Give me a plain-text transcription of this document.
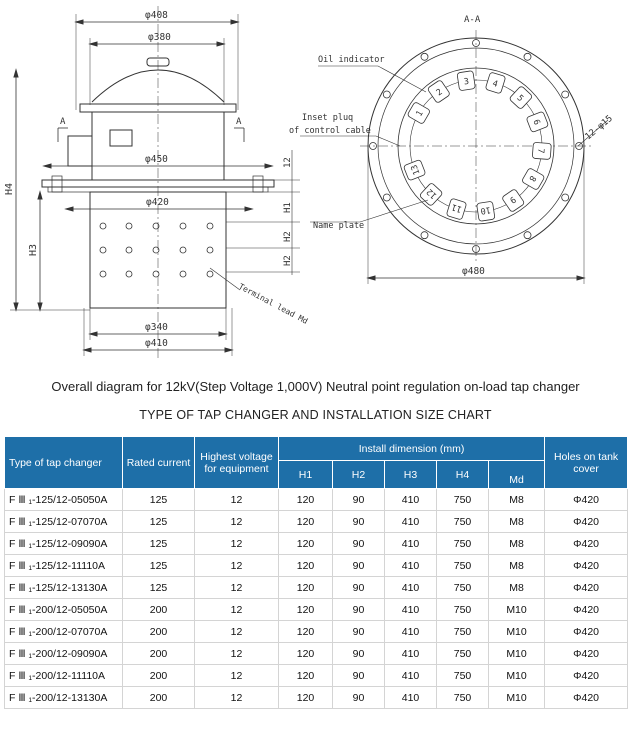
φ408
φ380
φ450
φ420
φ340
φ410
H4
H3
A	A
12
H1
H2
H2
Terminal lead Md
A-A
1
2
3	4
5
6
7
8
9
10
11
12
13
φ480
Oil indicator
Inset pluq
of control cable
Name plate
12-φ15
Overall diagram for 12kV(Step Voltage 1,000V) Neutral point regulation on-load tap changer
TYPE OF TAP CHANGER AND INSTALLATION SIZE CHART
Type of tap changer	Rated current	Highest voltage for equipment	Install dimension (mm)					Holes on tank cover
			H1	H2	H3	H4	Md	
F Ⅲ ₁-125/12-05050A	125	12	120	90	410	750	M8	Φ420
F Ⅲ ₁-125/12-07070A	125	12	120	90	410	750	M8	Φ420
F Ⅲ ₁-125/12-09090A	125	12	120	90	410	750	M8	Φ420
F Ⅲ ₁-125/12-11110A	125	12	120	90	410	750	M8	Φ420
F Ⅲ ₁-125/12-13130A	125	12	120	90	410	750	M8	Φ420
F Ⅲ ₁-200/12-05050A	200	12	120	90	410	750	M10	Φ420
F Ⅲ ₁-200/12-07070A	200	12	120	90	410	750	M10	Φ420
F Ⅲ ₁-200/12-09090A	200	12	120	90	410	750	M10	Φ420
F Ⅲ ₁-200/12-11110A	200	12	120	90	410	750	M10	Φ420
F Ⅲ ₁-200/12-13130A	200	12	120	90	410	750	M10	Φ420
